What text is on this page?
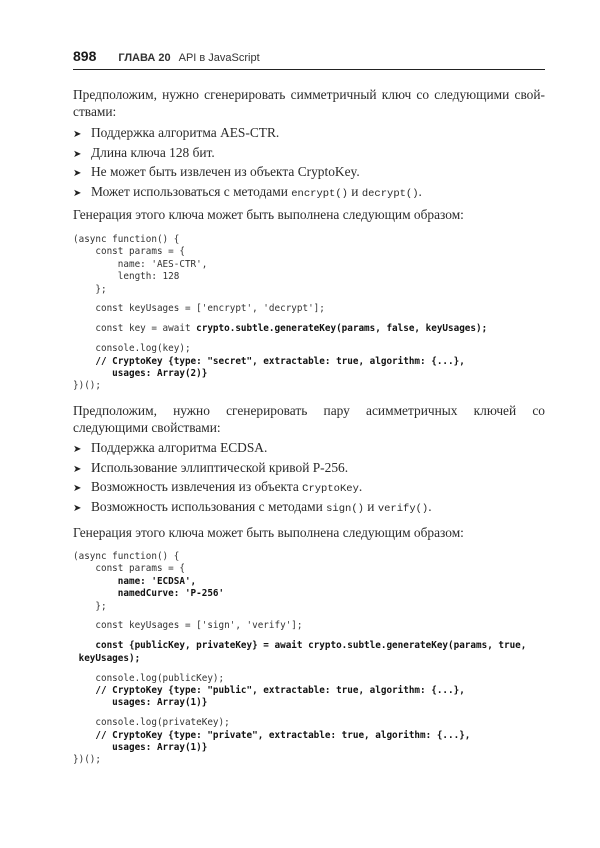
898 ГЛАВА 20 API в JavaScript

Предположим, нужно сгенерировать симметричный ключ со следующими свой-ствами:

➤ Поддержка алгоритма AES-CTR.
➤ Длина ключа 128 бит.
➤ Не может быть извлечен из объекта CryptoKey.
➤ Может использоваться с методами encrypt() и decrypt().

Генерация этого ключа может быть выполнена следующим образом:

(async function() {
const params = {
name: 'AES-CTR',
length: 128
};
const keyUsages = ['encrypt', 'decrypt'];
const key = await crypto.subtle.generateKey(params, false, keyUsages);
console.log(key);
// CryptoKey {type: "secret", extractable: true, algorithm: {...},
usages: Array(2)}
})();

Предположим, нужно сгенерировать пару асимметричных ключей со следующими свойствами:

➤ Поддержка алгоритма ECDSA.
➤ Использование эллиптической кривой P-256.
➤ Возможность извлечения из объекта CryptoKey.
➤ Возможность использования с методами sign() и verify().

Генерация этого ключа может быть выполнена следующим образом:

(async function() {
const params = {
name: 'ECDSA',
namedCurve: 'P-256'
};
const keyUsages = ['sign', 'verify'];
const {publicKey, privateKey} = await crypto.subtle.generateKey(params, true,
keyUsages);
console.log(publicKey);
// CryptoKey {type: "public", extractable: true, algorithm: {...},
usages: Array(1)}
console.log(privateKey);
// CryptoKey {type: "private", extractable: true, algorithm: {...},
usages: Array(1)}
})();
